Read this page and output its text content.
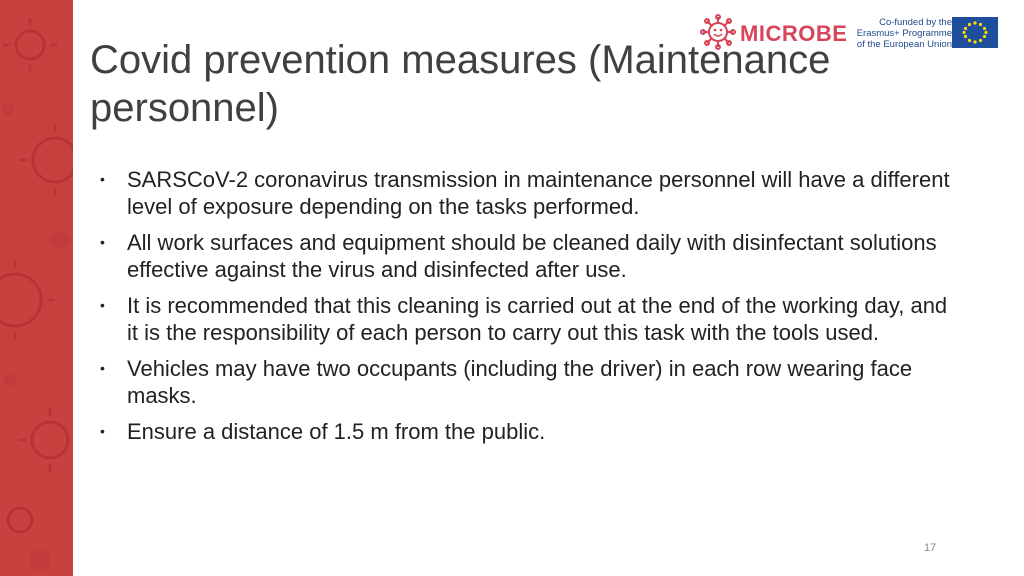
MICROBE	Co-funded by the
Erasmus+ Programme
of the European Union
Covid prevention measures (Maintenance personnel)
• SARSCoV-2 coronavirus transmission in maintenance personnel will have a different level of exposure depending on the tasks performed.
• All work surfaces and equipment should be cleaned daily with disinfectant solutions effective against the virus and disinfected after use.
• It is recommended that this cleaning is carried out at the end of the working day, and it is the responsibility of each person to carry out this task with the tools used.
• Vehicles may have two occupants (including the driver) in each row wearing face masks.
• Ensure a distance of 1.5 m from the public.
17
